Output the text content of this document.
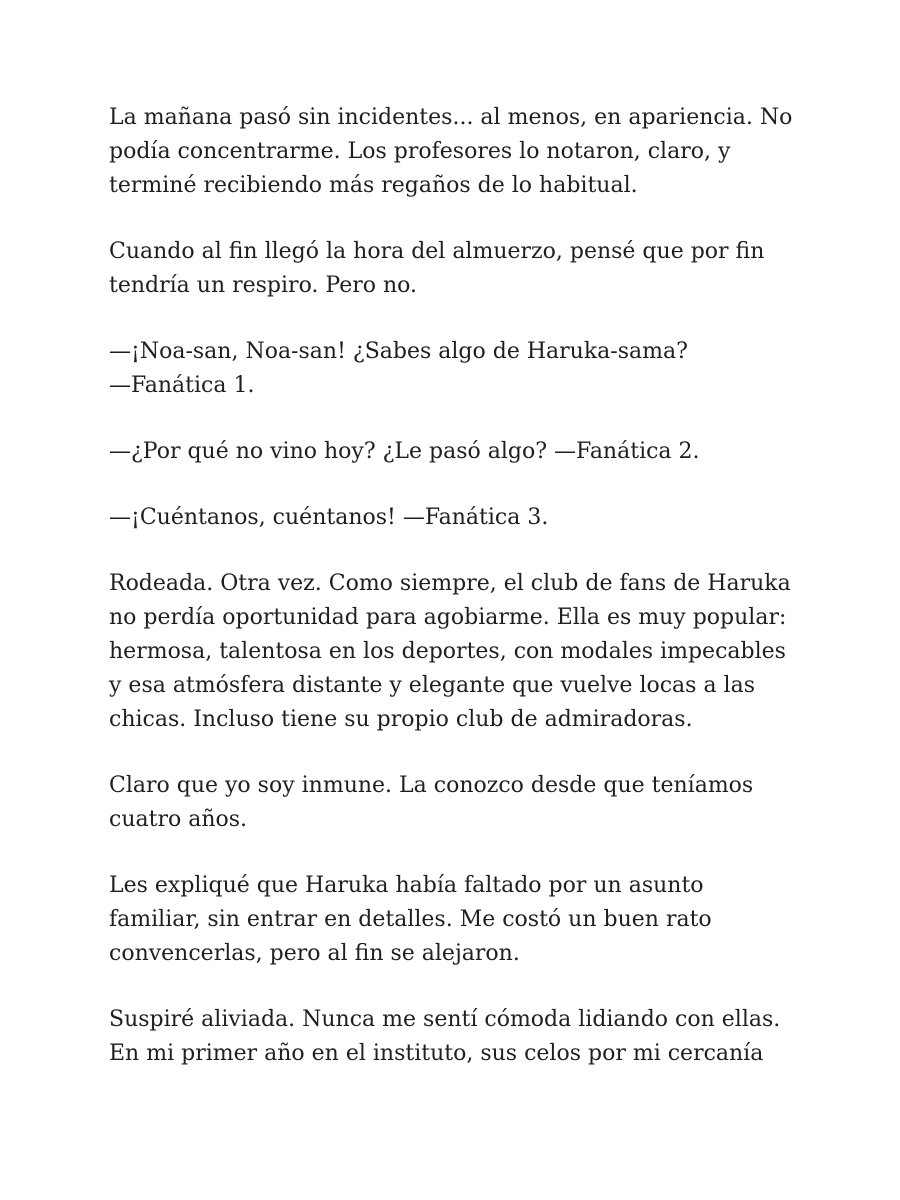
La mañana pasó sin incidentes... al menos, en apariencia. No
podía concentrarme. Los profesores lo notaron, claro, y
terminé recibiendo más regaños de lo habitual.

Cuando al fin llegó la hora del almuerzo, pensé que por fin
tendría un respiro. Pero no.

—¡Noa-san, Noa-san! ¿Sabes algo de Haruka-sama?
—Fanática 1.

—¿Por qué no vino hoy? ¿Le pasó algo? —Fanática 2.

—¡Cuéntanos, cuéntanos! —Fanática 3.

Rodeada. Otra vez. Como siempre, el club de fans de Haruka
no perdía oportunidad para agobiarme. Ella es muy popular:
hermosa, talentosa en los deportes, con modales impecables
y esa atmósfera distante y elegante que vuelve locas a las
chicas. Incluso tiene su propio club de admiradoras.

Claro que yo soy inmune. La conozco desde que teníamos
cuatro años.

Les expliqué que Haruka había faltado por un asunto
familiar, sin entrar en detalles. Me costó un buen rato
convencerlas, pero al fin se alejaron.

Suspiré aliviada. Nunca me sentí cómoda lidiando con ellas.
En mi primer año en el instituto, sus celos por mi cercanía
